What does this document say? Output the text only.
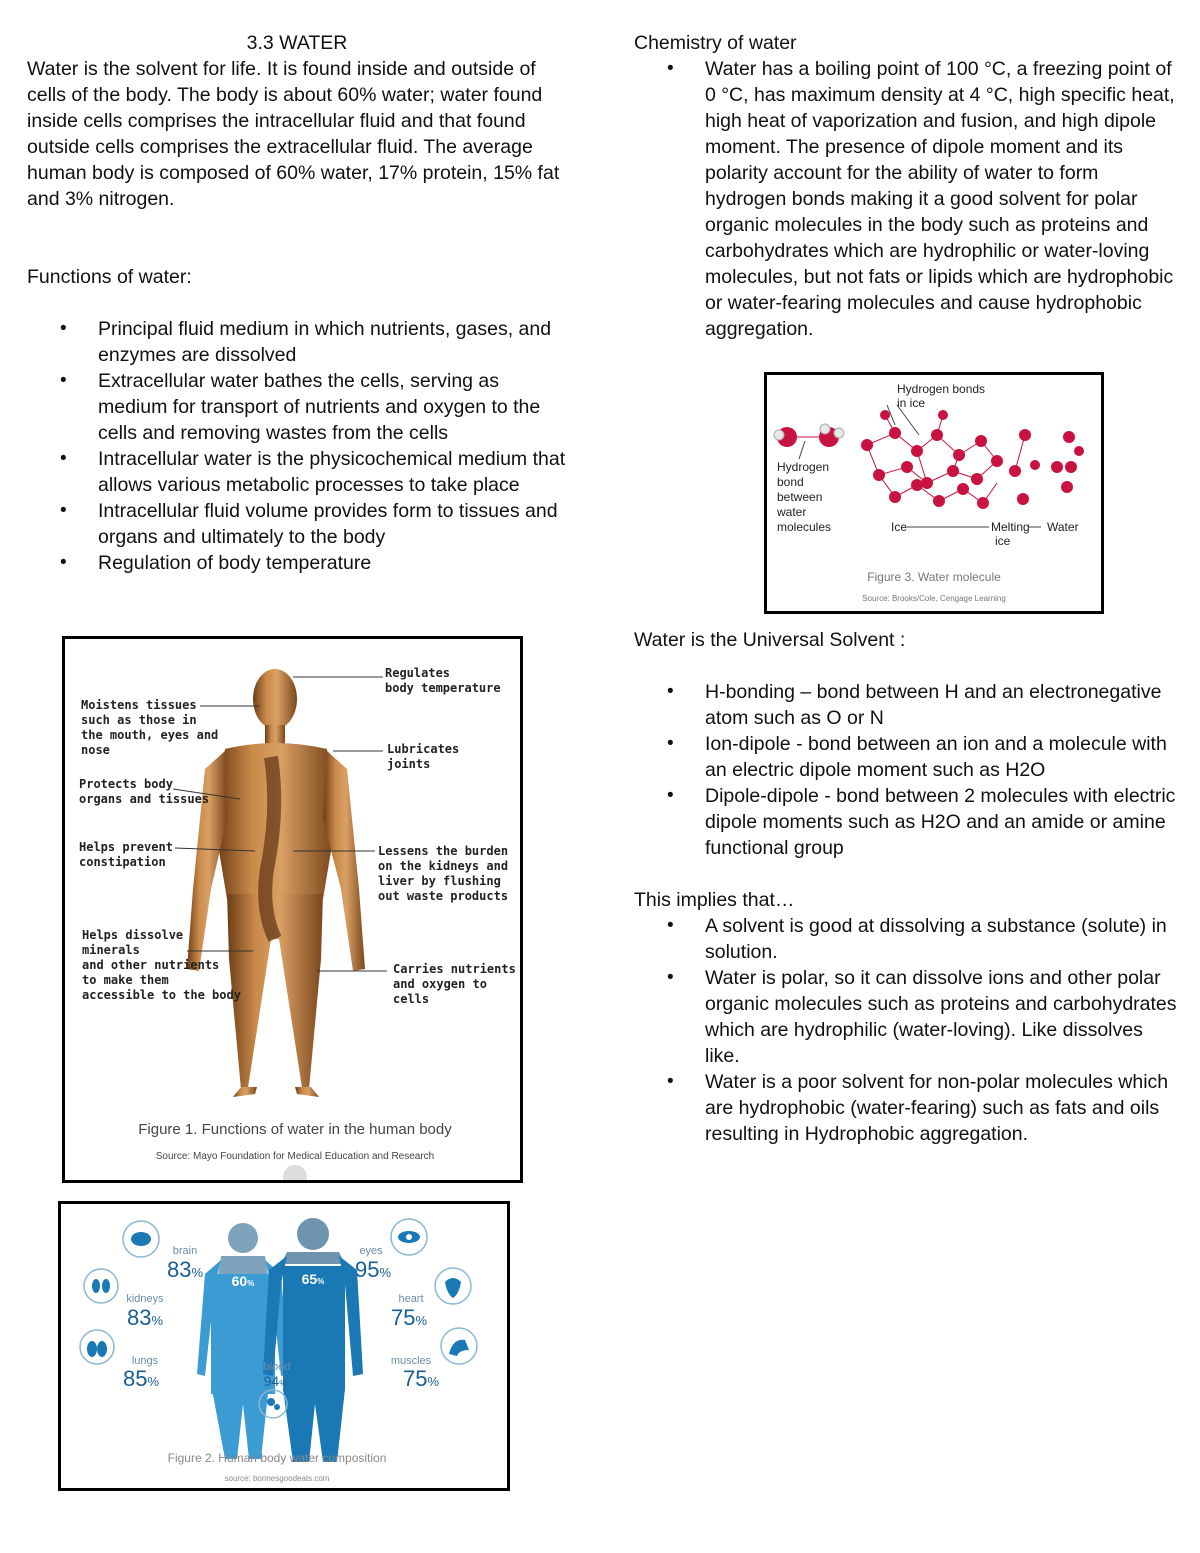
3.3 WATER

Water is the solvent for life. It is found inside and outside of cells of the body. The body is about 60% water; water found inside cells comprises the intracellular fluid and that found outside cells comprises the extracellular fluid. The average human body is composed of 60% water, 17% protein, 15% fat and 3% nitrogen.

Functions of water:

• Principal fluid medium in which nutrients, gases, and enzymes are dissolved
• Extracellular water bathes the cells, serving as medium for transport of nutrients and oxygen to the cells and removing wastes from the cells
• Intracellular water is the physicochemical medium that allows various metabolic processes to take place
• Intracellular fluid volume provides form to tissues and organs and ultimately to the body
• Regulation of body temperature
Regulates body temperature
Moistens tissues such as those in the mouth, eyes and nose	Lubricates joints
Protects body organs and tissues
Helps prevent constipation
Lessens the burden on the kidneys and liver by flushing out waste products
Helps dissolve minerals and other nutrients to make them accessible to the body
Carries nutrients and oxygen to cells
Figure 1. Functions of water in the human body
Source: Mayo Foundation for Medical Education and Research
60%	65%
brain
83%
kidneys
83%
lungs
85%
blood
94%
eyes
95%
heart
75%
muscles
75%
Figure 2. Human body water composition
source: bonnesgoodeats.com

Chemistry of water

• Water has a boiling point of 100 °C, a freezing point of 0 °C, has maximum density at 4 °C, high specific heat, high heat of vaporization and fusion, and high dipole moment. The presence of dipole moment and its polarity account for the ability of water to form hydrogen bonds making it a good solvent for polar organic molecules in the body such as proteins and carbohydrates which are hydrophilic or water-loving molecules, but not fats or lipids which are hydrophobic or water-fearing molecules and cause hydrophobic aggregation.

Water is the Universal Solvent :

• H-bonding – bond between H and an electronegative atom such as O or N
• Ion-dipole - bond between an ion and a molecule with an electric dipole moment such as H2O
• Dipole-dipole - bond between 2 molecules with electric dipole moments such as H2O and an amide or amine functional group

This implies that…

• A solvent is good at dissolving a substance (solute) in solution.
• Water is polar, so it can dissolve ions and other polar organic molecules such as proteins and carbohydrates which are hydrophilic (water-loving). Like dissolves like.
• Water is a poor solvent for non-polar molecules which are hydrophobic (water-fearing) such as fats and oils resulting in Hydrophobic aggregation.
Hydrogen bonds in ice
Hydrogen bond between water molecules	Ice	Melting ice
Water
Figure 3. Water molecule
Source: Brooks/Cole, Cengage Learning
